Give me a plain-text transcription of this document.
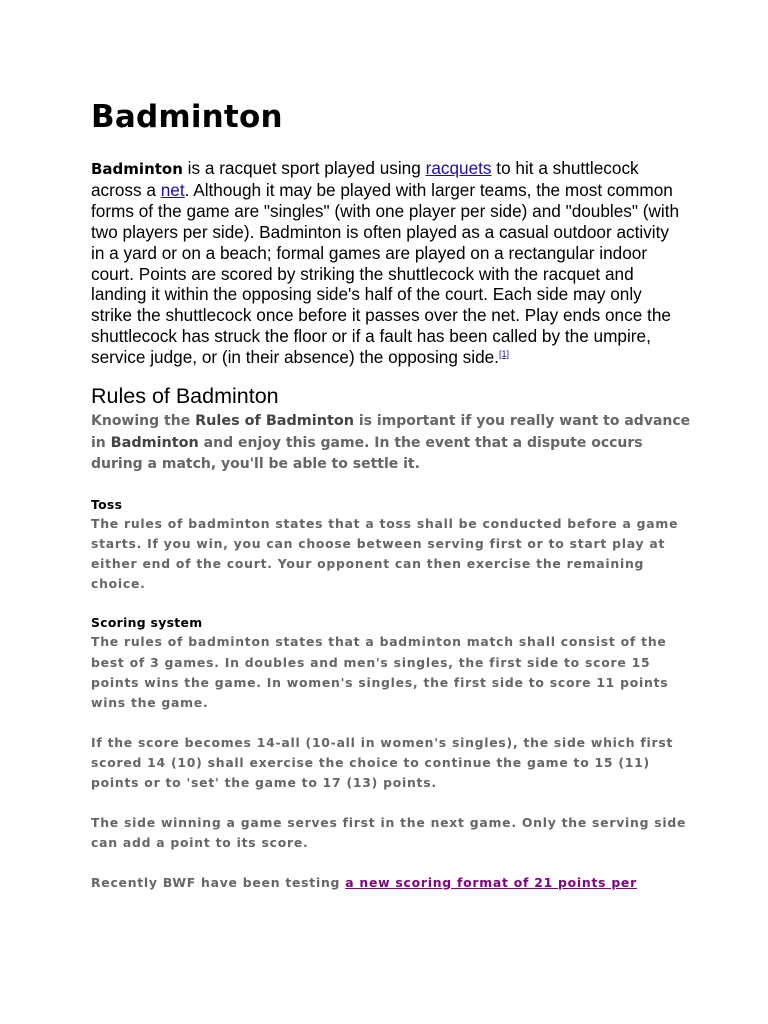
Badminton

Badminton is a racquet sport played using racquets to hit a shuttlecock across a net. Although it may be played with larger teams, the most common forms of the game are "singles" (with one player per side) and "doubles" (with two players per side). Badminton is often played as a casual outdoor activity in a yard or on a beach; formal games are played on a rectangular indoor court. Points are scored by striking the shuttlecock with the racquet and landing it within the opposing side's half of the court. Each side may only strike the shuttlecock once before it passes over the net. Play ends once the shuttlecock has struck the floor or if a fault has been called by the umpire, service judge, or (in their absence) the opposing side.[1]

Rules of Badminton

Knowing the Rules of Badminton is important if you really want to advance in Badminton and enjoy this game. In the event that a dispute occurs during a match, you'll be able to settle it.

Toss

The rules of badminton states that a toss shall be conducted before a game starts. If you win, you can choose between serving first or to start play at either end of the court. Your opponent can then exercise the remaining choice.

Scoring system

The rules of badminton states that a badminton match shall consist of the best of 3 games. In doubles and men's singles, the first side to score 15 points wins the game. In women's singles, the first side to score 11 points wins the game.

If the score becomes 14-all (10-all in women's singles), the side which first scored 14 (10) shall exercise the choice to continue the game to 15 (11) points or to 'set' the game to 17 (13) points.

The side winning a game serves first in the next game. Only the serving side can add a point to its score.

Recently BWF have been testing a new scoring format of 21 points per
